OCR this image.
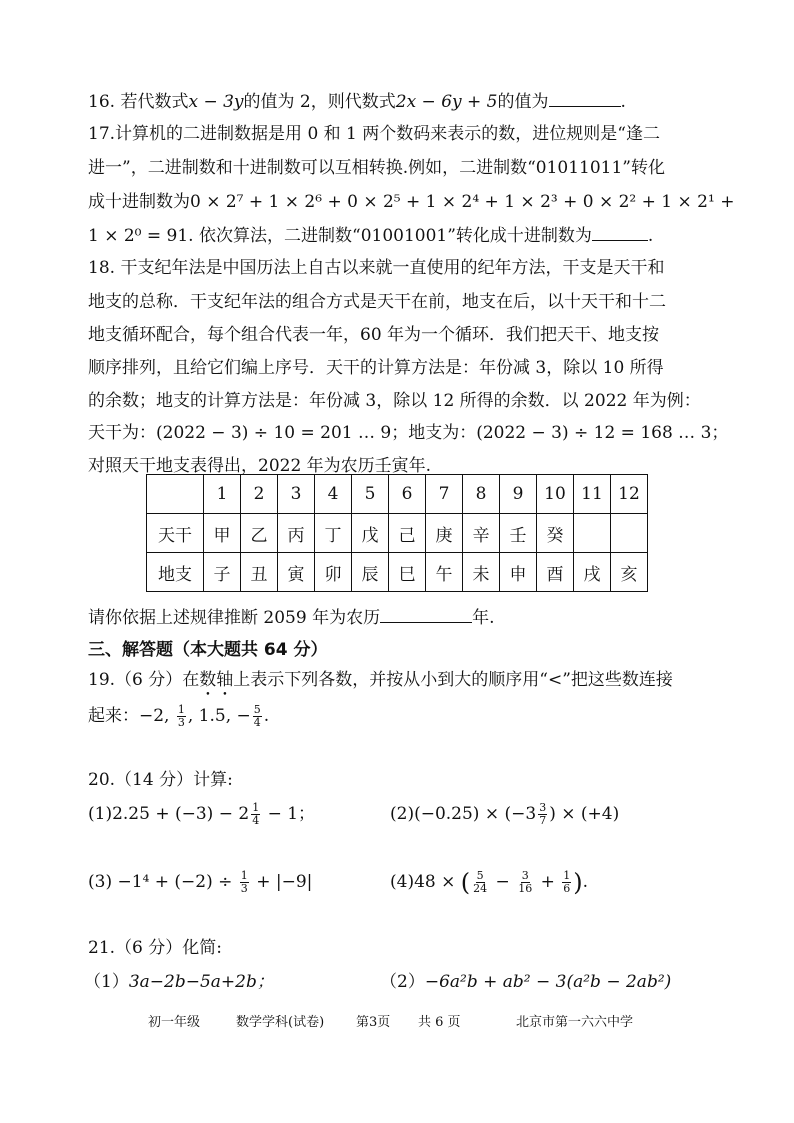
16. 若代数式x − 3y的值为 2，则代数式2x − 6y + 5的值为	.
17.计算机的二进制数据是用 0 和 1 两个数码来表示的数，进位规则是“逢二
进一”，二进制数和十进制数可以互相转换.例如，二进制数“01011011”转化
成十进制数为0 × 2⁷ + 1 × 2⁶ + 0 × 2⁵ + 1 × 2⁴ + 1 × 2³ + 0 × 2² + 1 × 2¹ +
1 × 2⁰ = 91. 依次算法，二进制数“01001001”转化成十进制数为	.
18. 干支纪年法是中国历法上自古以来就一直使用的纪年方法，干支是天干和
地支的总称．干支纪年法的组合方式是天干在前，地支在后，以十天干和十二
地支循环配合，每个组合代表一年，60 年为一个循环．我们把天干、地支按
顺序排列，且给它们编上序号．天干的计算方法是：年份减 3，除以 10 所得
的余数；地支的计算方法是：年份减 3，除以 12 所得的余数．以 2022 年为例：
天干为：(2022 − 3) ÷ 10 = 201 … 9；地支为：(2022 − 3) ÷ 12 = 168 … 3；
对照天干地支表得出，2022 年为农历壬寅年.
	1	2	3	4	5	6	7	8	9	10	11	12
天干	甲	乙	丙	丁	戊	己	庚	辛	壬	癸		
地支	子	丑	寅	卯	辰	巳	午	未	申	酉	戌	亥
请你依据上述规律推断 2059 年为农历	年.
三、解答题（本大题共 64 分）
19.（6 分）在数轴上表示下列各数，并按从小到大的顺序用“<”把这些数连接
起来：−2, $\frac{1}{3}$ , 1.5, − $\frac{5}{4}$ .
20.（14 分）计算:
$(1)2.25 + (-3) - 2 \frac{1}{4} - 1$；	$(2)(-0.25) \times (-3 \frac{3}{7}$ ) × (+4)
$(3) -1^4 + (-2) \div \frac{1}{3} + |-9|$	(4)48 × ( $\frac{5}{24} - \frac{3}{16} + \frac{1}{6}$ ).
21.（6 分）化简:
（1）3a−2b−5a+2b；	（2）−6a²b + ab² − 3(a²b − 2ab²)
初一年级	数学学科(试卷) 第3页 共 6 页	北京市第一六六中学
